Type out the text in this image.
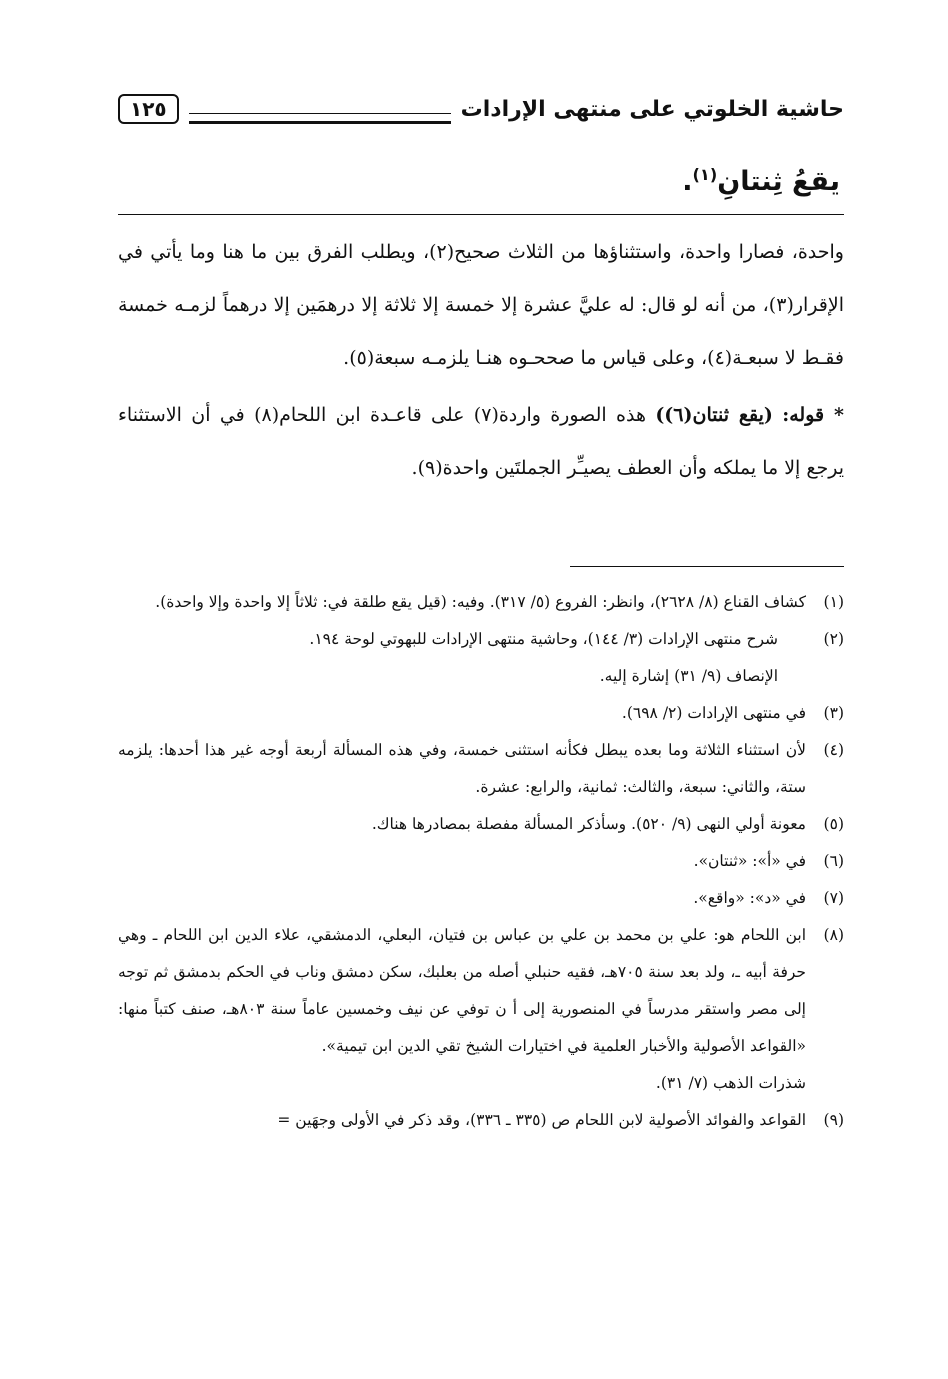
حاشية الخلوتي على منتهى الإرادات
١٢٥
يقعُ ثِنتانِ$^{(١)}$.

واحدة، فصارا واحدة، واستثناؤها من الثلاث صحيح(٢)، ويطلب الفرق بين ما هنا وما يأتي في الإقرار(٣)، من أنه لو قال: له عليَّ عشرة إلا خمسة إلا ثلاثة إلا درهمَين إلا درهماً لزمـه خمسة فقـط لا سبعـة(٤)، وعلى قياس ما صححـوه هنـا يلزمـه سبعة(٥).

* قوله: (يقع ثنتان(٦)) هذه الصورة واردة(٧) على قاعـدة ابن اللحام(٨) في أن الاستثناء يرجع إلا ما يملكه وأن العطف يصيـِّر الجملتَين واحدة(٩).

(١)
كشاف القناع (٨/ ٢٦٢٨)، وانظر: الفروع (٥/ ٣١٧). وفيه: (قيل يقع طلقة في: ثلاثاً إلا واحدة وإلا واحدة).
(٢)
شرح منتهى الإرادات (٣/ ١٤٤)، وحاشية منتهى الإرادات للبهوتي لوحة ١٩٤.
الإنصاف (٩/ ٣١) إشارة إليه.
(٣)
في منتهى الإرادات (٢/ ٦٩٨).
(٤)
لأن استثناء الثلاثة وما بعده يبطل فكأنه استثنى خمسة، وفي هذه المسألة أربعة أوجه غير هذا أحدها: يلزمه ستة، والثاني: سبعة، والثالث: ثمانية، والرابع: عشرة.
(٥)
معونة أولي النهى (٩/ ٥٢٠). وسأذكر المسألة مفصلة بمصادرها هناك.
(٦)
في «أ»: «ثنتان».
(٧)
في «د»: «واقع».
(٨)
ابن اللحام هو: علي بن محمد بن علي بن عباس بن فتيان، البعلي، الدمشقي، علاء الدين ابن اللحام ـ وهي حرفة أبيه ـ، ولد بعد سنة ٧٠٥هـ، فقيه حنبلي أصله من بعلبك، سكن دمشق وناب في الحكم بدمشق ثم توجه إلى مصر واستقر مدرساً في المنصورية إلى أ ن توفي عن نيف وخمسين عاماً سنة ٨٠٣هـ، صنف كتباً منها: «القواعد الأصولية والأخبار العلمية في اختيارات الشيخ تقي الدين ابن تيمية».
شذرات الذهب (٧/ ٣١).
(٩)
القواعد والفوائد الأصولية لابن اللحام ص (٣٣٥ ـ ٣٣٦)، وقد ذكر في الأولى وجهَين =
